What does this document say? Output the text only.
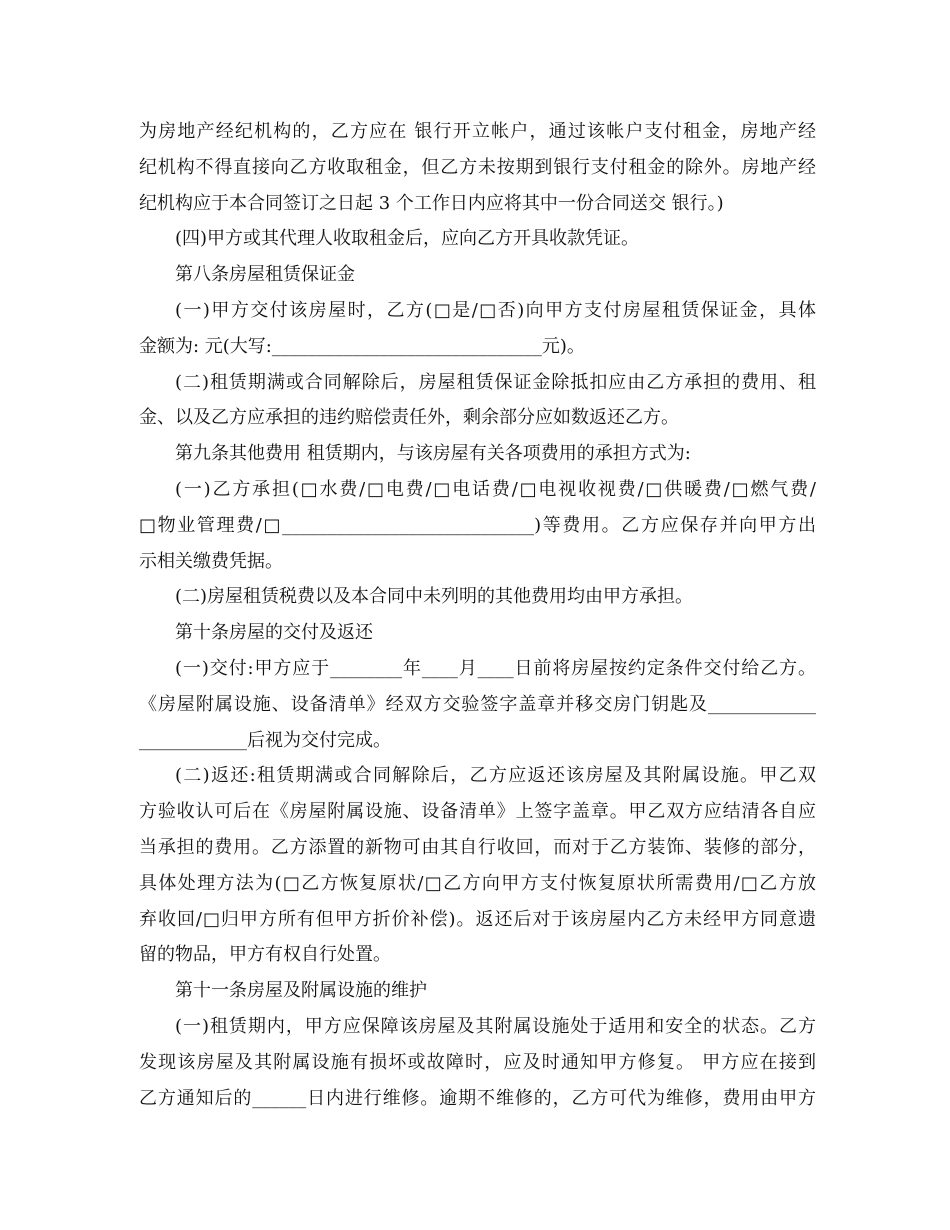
为房地产经纪机构的，乙方应在 银行开立帐户，通过该帐户支付租金，房地产经
纪机构不得直接向乙方收取租金，但乙方未按期到银行支付租金的除外。房地产经
纪机构应于本合同签订之日起 3 个工作日内应将其中一份合同送交 银行。)
(四)甲方或其代理人收取租金后，应向乙方开具收款凭证。
第八条房屋租赁保证金
(一)甲方交付该房屋时，乙方(□是/□否)向甲方支付房屋租赁保证金，具体
金额为: 元(大写:______________________________元)。
(二)租赁期满或合同解除后，房屋租赁保证金除抵扣应由乙方承担的费用、租
金、以及乙方应承担的违约赔偿责任外，剩余部分应如数返还乙方。
第九条其他费用 租赁期内，与该房屋有关各项费用的承担方式为:
(一)乙方承担(□水费/□电费/□电话费/□电视收视费/□供暖费/□燃气费/
□物业管理费/□____________________________)等费用。乙方应保存并向甲方出
示相关缴费凭据。
(二)房屋租赁税费以及本合同中未列明的其他费用均由甲方承担。
第十条房屋的交付及返还
(一)交付:甲方应于________年____月____日前将房屋按约定条件交付给乙方。
《房屋附属设施、设备清单》经双方交验签字盖章并移交房门钥匙及____________
____________后视为交付完成。
(二)返还:租赁期满或合同解除后，乙方应返还该房屋及其附属设施。甲乙双
方验收认可后在《房屋附属设施、设备清单》上签字盖章。甲乙双方应结清各自应
当承担的费用。乙方添置的新物可由其自行收回，而对于乙方装饰、装修的部分，
具体处理方法为(□乙方恢复原状/□乙方向甲方支付恢复原状所需费用/□乙方放
弃收回/□归甲方所有但甲方折价补偿)。返还后对于该房屋内乙方未经甲方同意遗
留的物品，甲方有权自行处置。
第十一条房屋及附属设施的维护
(一)租赁期内，甲方应保障该房屋及其附属设施处于适用和安全的状态。乙方
发现该房屋及其附属设施有损坏或故障时，应及时通知甲方修复。 甲方应在接到
乙方通知后的______日内进行维修。逾期不维修的，乙方可代为维修，费用由甲方
